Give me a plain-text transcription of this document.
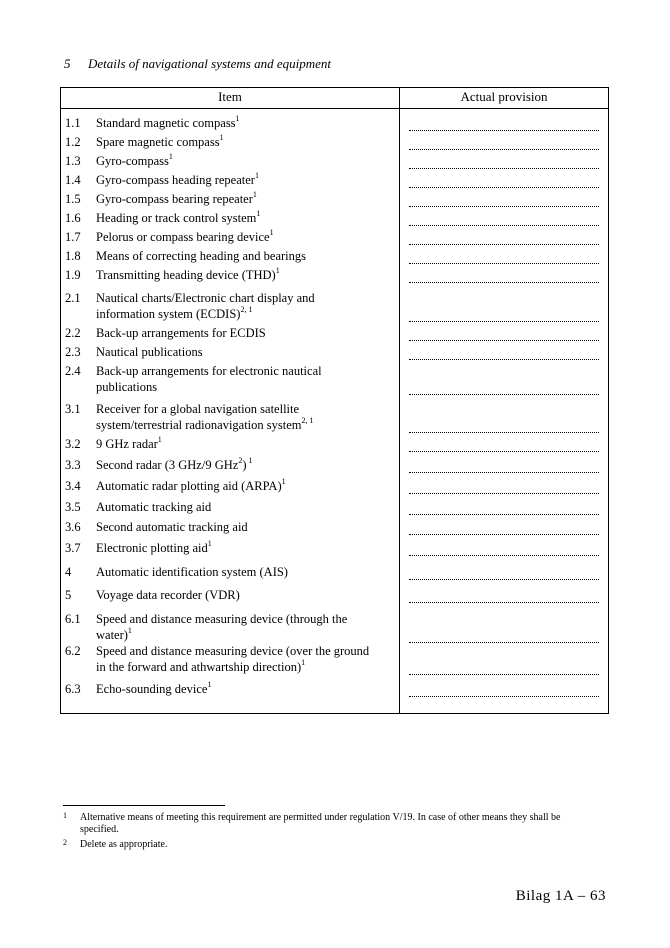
5 Details of navigational systems and equipment
Item	Actual provision
1.1 Standard magnetic compass$^1$
1.2 Spare magnetic compass$^1$
1.3 Gyro-compass$^1$
1.4 Gyro-compass heading repeater$^1$
1.5 Gyro-compass bearing repeater$^1$
1.6 Heading or track control system$^1$
1.7 Pelorus or compass bearing device$^1$
1.8 Means of correcting heading and bearings
1.9 Transmitting heading device (THD)$^1$
2.1 Nautical charts/Electronic chart display and
information system (ECDIS)$^{2, 1}$
2.2 Back-up arrangements for ECDIS
2.3 Nautical publications
2.4 Back-up arrangements for electronic nautical
publications
3.1 Receiver for a global navigation satellite
system/terrestrial radionavigation system$^{2, 1}$
3.2 9 GHz radar$^1$
3.3 Second radar (3 GHz/9 GHz$^2$) $^1$
3.4 Automatic radar plotting aid (ARPA)$^1$
3.5 Automatic tracking aid
3.6 Second automatic tracking aid
3.7 Electronic plotting aid$^1$
4 Automatic identification system (AIS)
5 Voyage data recorder (VDR)
6.1 Speed and distance measuring device (through the
water)$^1$
6.2 Speed and distance measuring device (over the ground
in the forward and athwartship direction)$^1$
6.3 Echo-sounding device$^1$
1 Alternative means of meeting this requirement are permitted under regulation V/19. In case of other means they shall be specified.
2 Delete as appropriate.
Bilag 1A – 63
